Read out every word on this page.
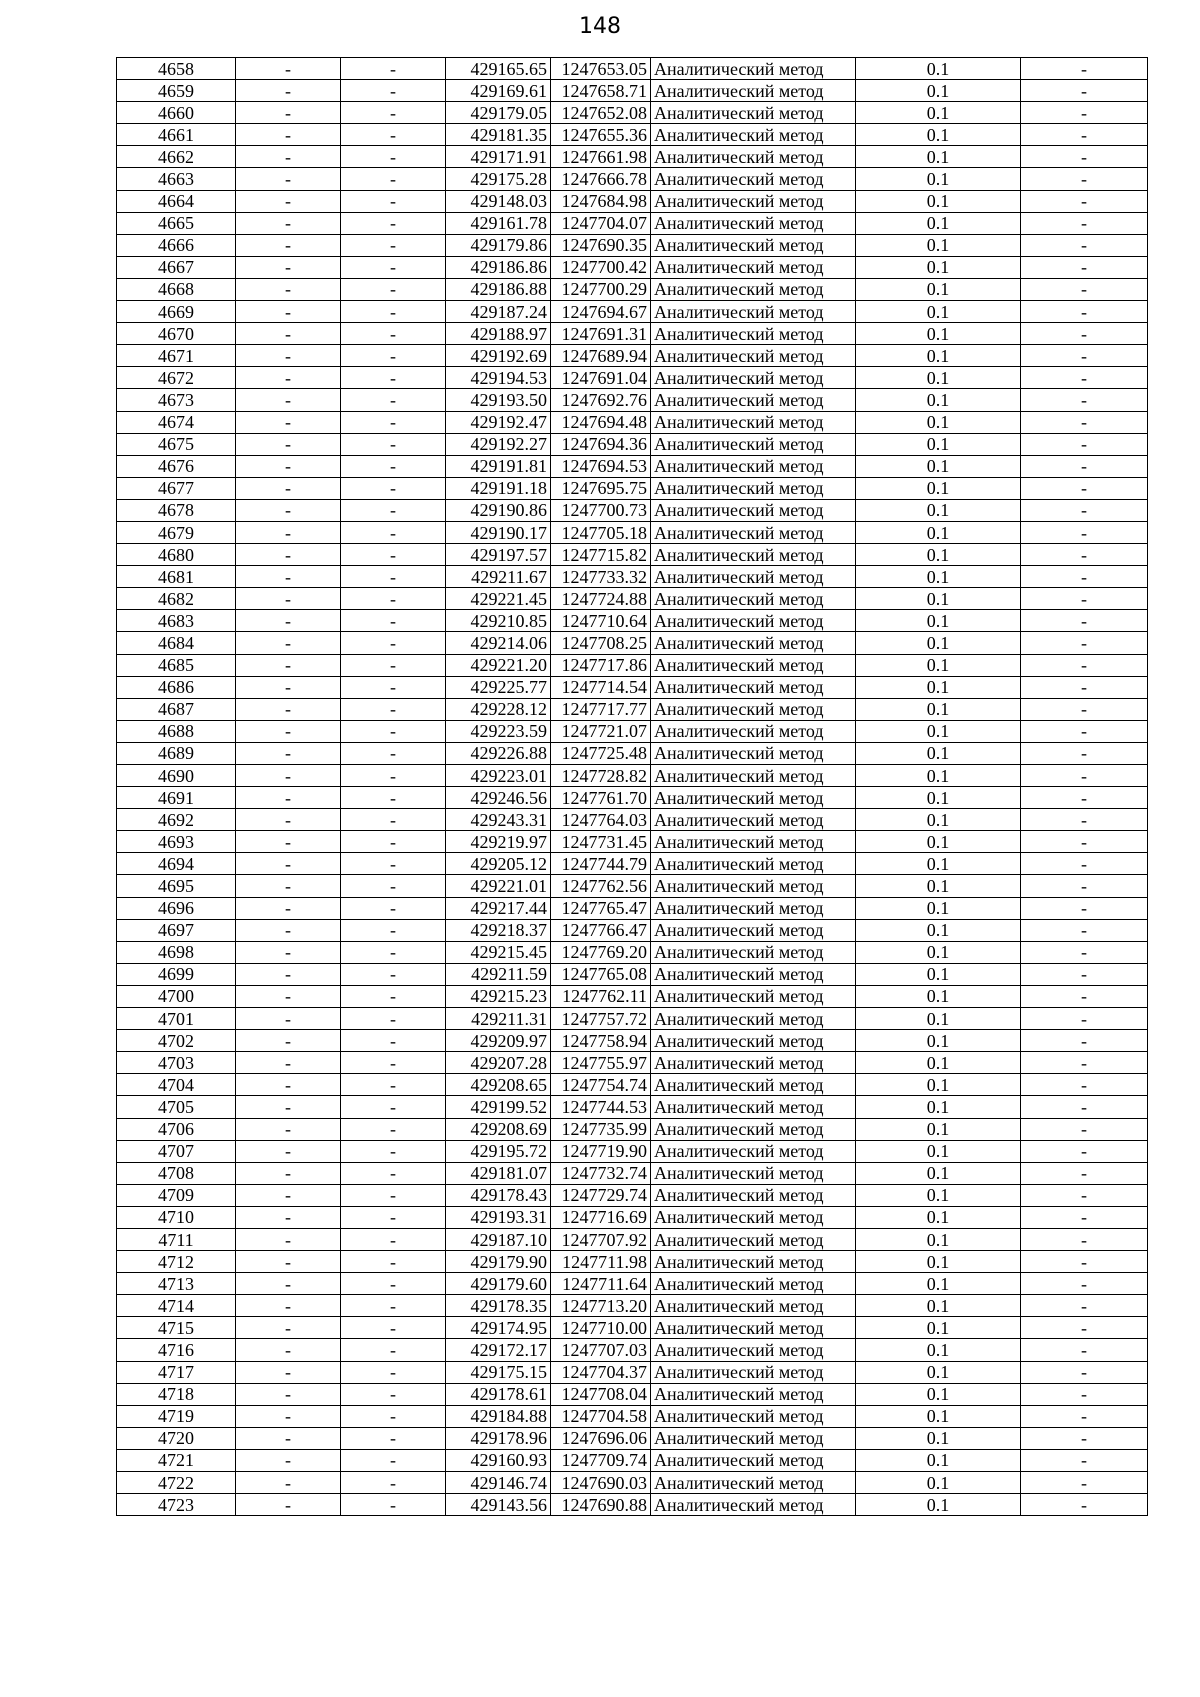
148
4658	-	-	429165.65	1247653.05	Аналитический метод	0.1	-
4659	-	-	429169.61	1247658.71	Аналитический метод	0.1	-
4660	-	-	429179.05	1247652.08	Аналитический метод	0.1	-
4661	-	-	429181.35	1247655.36	Аналитический метод	0.1	-
4662	-	-	429171.91	1247661.98	Аналитический метод	0.1	-
4663	-	-	429175.28	1247666.78	Аналитический метод	0.1	-
4664	-	-	429148.03	1247684.98	Аналитический метод	0.1	-
4665	-	-	429161.78	1247704.07	Аналитический метод	0.1	-
4666	-	-	429179.86	1247690.35	Аналитический метод	0.1	-
4667	-	-	429186.86	1247700.42	Аналитический метод	0.1	-
4668	-	-	429186.88	1247700.29	Аналитический метод	0.1	-
4669	-	-	429187.24	1247694.67	Аналитический метод	0.1	-
4670	-	-	429188.97	1247691.31	Аналитический метод	0.1	-
4671	-	-	429192.69	1247689.94	Аналитический метод	0.1	-
4672	-	-	429194.53	1247691.04	Аналитический метод	0.1	-
4673	-	-	429193.50	1247692.76	Аналитический метод	0.1	-
4674	-	-	429192.47	1247694.48	Аналитический метод	0.1	-
4675	-	-	429192.27	1247694.36	Аналитический метод	0.1	-
4676	-	-	429191.81	1247694.53	Аналитический метод	0.1	-
4677	-	-	429191.18	1247695.75	Аналитический метод	0.1	-
4678	-	-	429190.86	1247700.73	Аналитический метод	0.1	-
4679	-	-	429190.17	1247705.18	Аналитический метод	0.1	-
4680	-	-	429197.57	1247715.82	Аналитический метод	0.1	-
4681	-	-	429211.67	1247733.32	Аналитический метод	0.1	-
4682	-	-	429221.45	1247724.88	Аналитический метод	0.1	-
4683	-	-	429210.85	1247710.64	Аналитический метод	0.1	-
4684	-	-	429214.06	1247708.25	Аналитический метод	0.1	-
4685	-	-	429221.20	1247717.86	Аналитический метод	0.1	-
4686	-	-	429225.77	1247714.54	Аналитический метод	0.1	-
4687	-	-	429228.12	1247717.77	Аналитический метод	0.1	-
4688	-	-	429223.59	1247721.07	Аналитический метод	0.1	-
4689	-	-	429226.88	1247725.48	Аналитический метод	0.1	-
4690	-	-	429223.01	1247728.82	Аналитический метод	0.1	-
4691	-	-	429246.56	1247761.70	Аналитический метод	0.1	-
4692	-	-	429243.31	1247764.03	Аналитический метод	0.1	-
4693	-	-	429219.97	1247731.45	Аналитический метод	0.1	-
4694	-	-	429205.12	1247744.79	Аналитический метод	0.1	-
4695	-	-	429221.01	1247762.56	Аналитический метод	0.1	-
4696	-	-	429217.44	1247765.47	Аналитический метод	0.1	-
4697	-	-	429218.37	1247766.47	Аналитический метод	0.1	-
4698	-	-	429215.45	1247769.20	Аналитический метод	0.1	-
4699	-	-	429211.59	1247765.08	Аналитический метод	0.1	-
4700	-	-	429215.23	1247762.11	Аналитический метод	0.1	-
4701	-	-	429211.31	1247757.72	Аналитический метод	0.1	-
4702	-	-	429209.97	1247758.94	Аналитический метод	0.1	-
4703	-	-	429207.28	1247755.97	Аналитический метод	0.1	-
4704	-	-	429208.65	1247754.74	Аналитический метод	0.1	-
4705	-	-	429199.52	1247744.53	Аналитический метод	0.1	-
4706	-	-	429208.69	1247735.99	Аналитический метод	0.1	-
4707	-	-	429195.72	1247719.90	Аналитический метод	0.1	-
4708	-	-	429181.07	1247732.74	Аналитический метод	0.1	-
4709	-	-	429178.43	1247729.74	Аналитический метод	0.1	-
4710	-	-	429193.31	1247716.69	Аналитический метод	0.1	-
4711	-	-	429187.10	1247707.92	Аналитический метод	0.1	-
4712	-	-	429179.90	1247711.98	Аналитический метод	0.1	-
4713	-	-	429179.60	1247711.64	Аналитический метод	0.1	-
4714	-	-	429178.35	1247713.20	Аналитический метод	0.1	-
4715	-	-	429174.95	1247710.00	Аналитический метод	0.1	-
4716	-	-	429172.17	1247707.03	Аналитический метод	0.1	-
4717	-	-	429175.15	1247704.37	Аналитический метод	0.1	-
4718	-	-	429178.61	1247708.04	Аналитический метод	0.1	-
4719	-	-	429184.88	1247704.58	Аналитический метод	0.1	-
4720	-	-	429178.96	1247696.06	Аналитический метод	0.1	-
4721	-	-	429160.93	1247709.74	Аналитический метод	0.1	-
4722	-	-	429146.74	1247690.03	Аналитический метод	0.1	-
4723	-	-	429143.56	1247690.88	Аналитический метод	0.1	-
